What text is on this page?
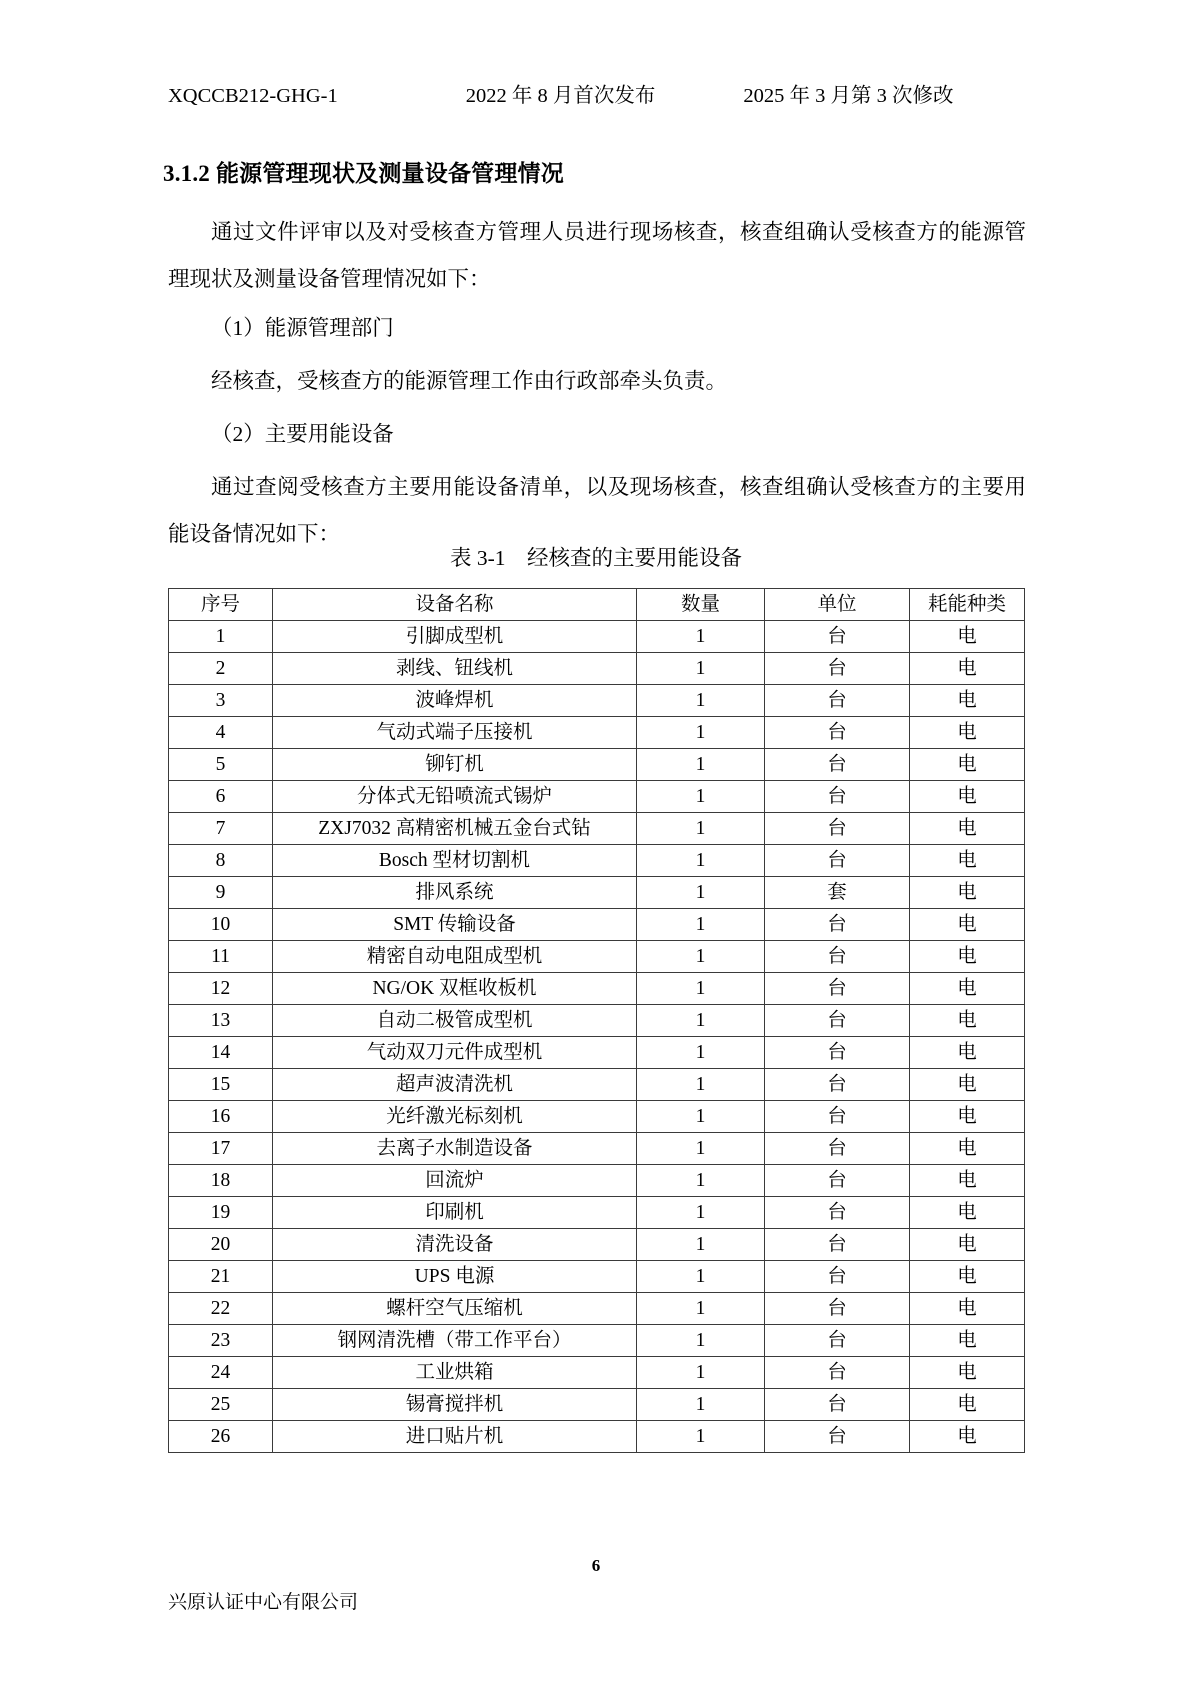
XQCCB212-GHG-1	2022 年 8 月首次发布	2025 年 3 月第 3 次修改
3.1.2 能源管理现状及测量设备管理情况

通过文件评审以及对受核查方管理人员进行现场核查，核查组确认受核查方的能源管理现状及测量设备管理情况如下：

（1）能源管理部门

经核查，受核查方的能源管理工作由行政部牵头负责。

（2）主要用能设备

通过查阅受核查方主要用能设备清单，以及现场核查，核查组确认受核查方的主要用能设备情况如下：

表 3-1　经核查的主要用能设备
序号	设备名称	数量	单位	耗能种类
1	引脚成型机	1	台	电
2	剥线、钮线机	1	台	电
3	波峰焊机	1	台	电
4	气动式端子压接机	1	台	电
5	铆钉机	1	台	电
6	分体式无铅喷流式锡炉	1	台	电
7	ZXJ7032 高精密机械五金台式钻	1	台	电
8	Bosch 型材切割机	1	台	电
9	排风系统	1	套	电
10	SMT 传输设备	1	台	电
11	精密自动电阻成型机	1	台	电
12	NG/OK 双框收板机	1	台	电
13	自动二极管成型机	1	台	电
14	气动双刀元件成型机	1	台	电
15	超声波清洗机	1	台	电
16	光纤激光标刻机	1	台	电
17	去离子水制造设备	1	台	电
18	回流炉	1	台	电
19	印刷机	1	台	电
20	清洗设备	1	台	电
21	UPS 电源	1	台	电
22	螺杆空气压缩机	1	台	电
23	钢网清洗槽（带工作平台）	1	台	电
24	工业烘箱	1	台	电
25	锡膏搅拌机	1	台	电
26	进口贴片机	1	台	电
6
兴原认证中心有限公司
